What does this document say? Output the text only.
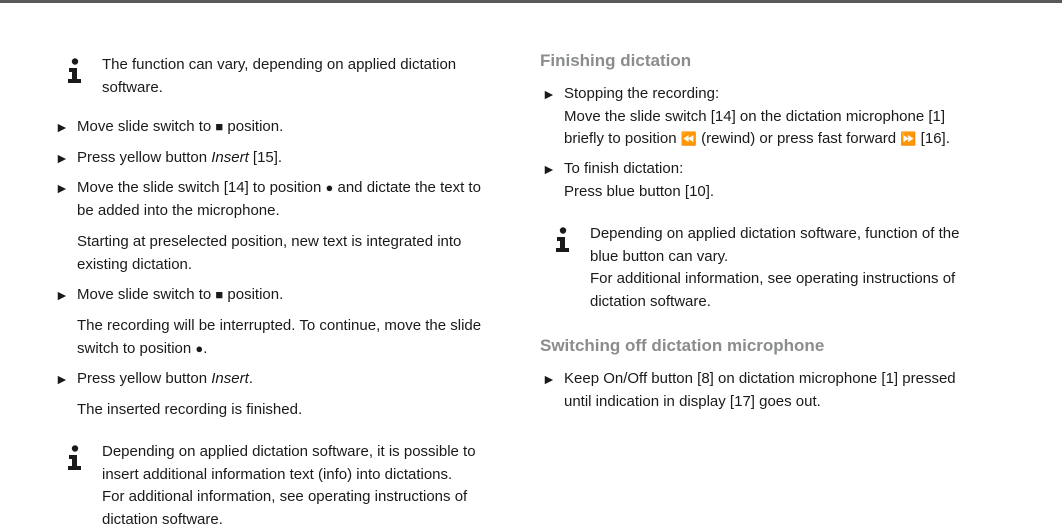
The function can vary, depending on applied dictation
software.
► Move slide switch to ■ position.
► Press yellow button Insert [15].
► Move the slide switch [14] to position ● and dictate the text to
be added into the microphone.
Starting at preselected position, new text is integrated into
existing dictation.
► Move slide switch to ■ position.
The recording will be interrupted. To continue, move the slide
switch to position ●.
► Press yellow button Insert.
The inserted recording is finished.
Depending on applied dictation software, it is possible to
insert additional information text (info) into dictations.
For additional information, see operating instructions of
dictation software.
Finishing dictation
► Stopping the recording:
Move the slide switch [14] on the dictation microphone [1]
briefly to position ⏪ (rewind) or press fast forward ⏩ [16].
► To finish dictation:
Press blue button [10].
Depending on applied dictation software, function of the
blue button can vary.
For additional information, see operating instructions of
dictation software.
Switching off dictation microphone
► Keep On/Off button [8] on dictation microphone [1] pressed
until indication in display [17] goes out.
